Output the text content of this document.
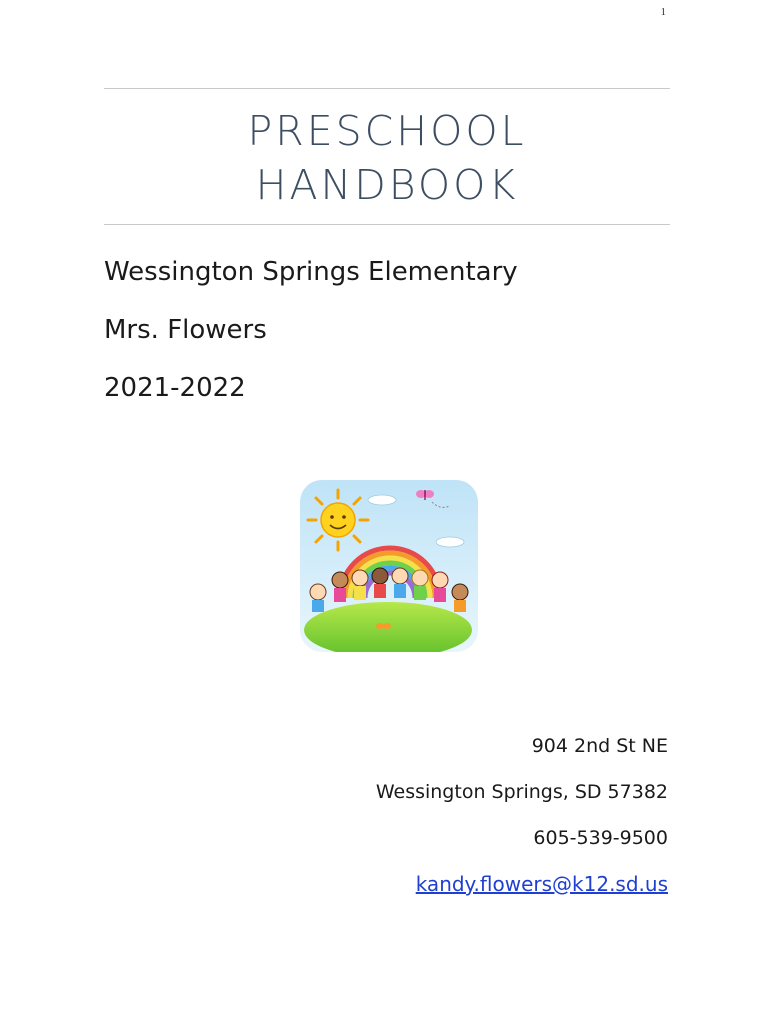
1
PRESCHOOL
HANDBOOK
Wessington Springs Elementary
Mrs. Flowers
2021-2022
904 2nd St NE
Wessington Springs, SD 57382
605-539-9500
kandy.flowers@k12.sd.us
